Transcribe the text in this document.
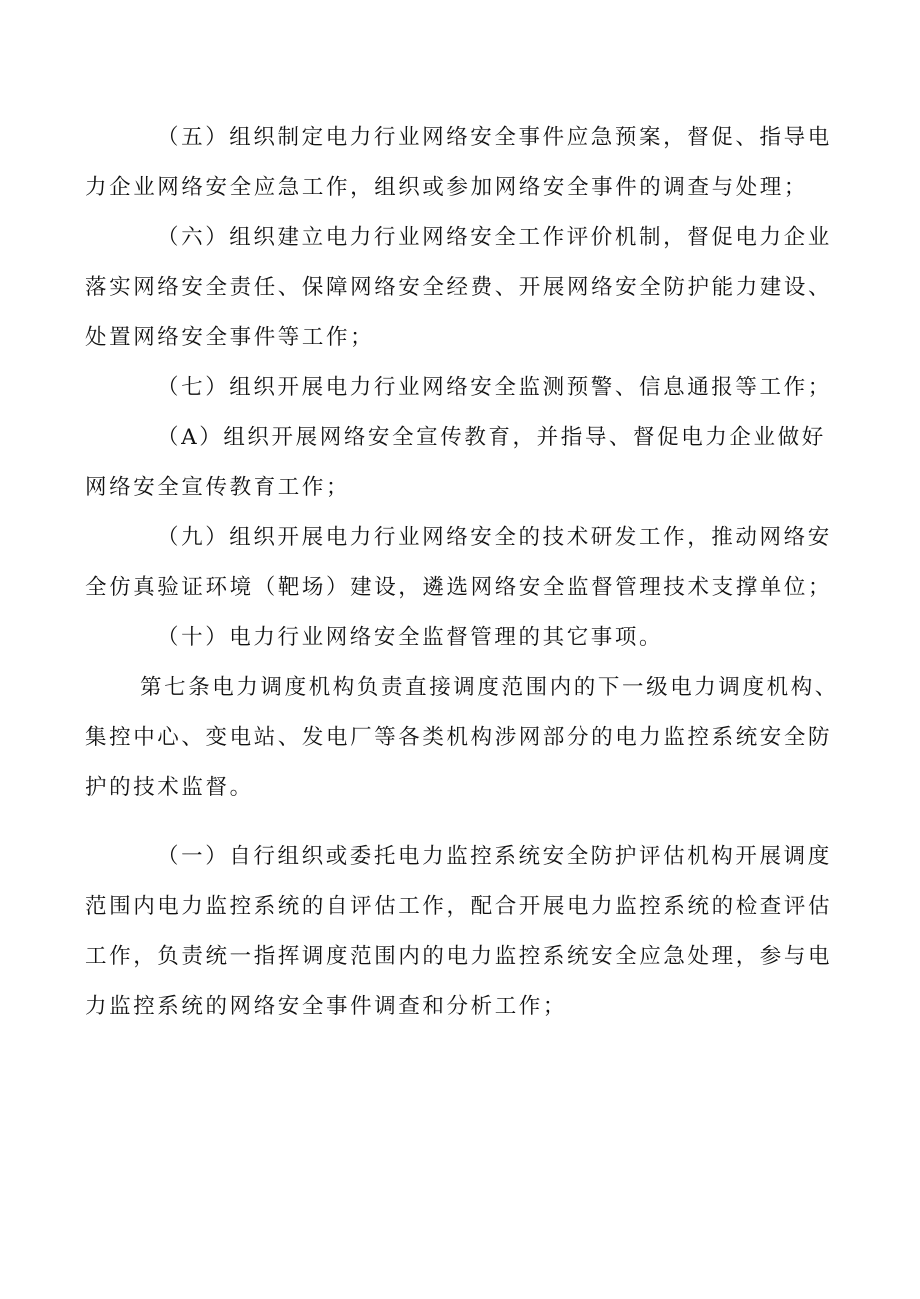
（五）组织制定电力行业网络安全事件应急预案，督促、指导电
力企业网络安全应急工作，组织或参加网络安全事件的调查与处理；
（六）组织建立电力行业网络安全工作评价机制，督促电力企业
落实网络安全责任、保障网络安全经费、开展网络安全防护能力建设、
处置网络安全事件等工作；
（七）组织开展电力行业网络安全监测预警、信息通报等工作；
（A）组织开展网络安全宣传教育，并指导、督促电力企业做好
网络安全宣传教育工作；
（九）组织开展电力行业网络安全的技术研发工作，推动网络安
全仿真验证环境（靶场）建设，遴选网络安全监督管理技术支撑单位；
（十）电力行业网络安全监督管理的其它事项。
第七条电力调度机构负责直接调度范围内的下一级电力调度机构、
集控中心、变电站、发电厂等各类机构涉网部分的电力监控系统安全防
护的技术监督。
（一）自行组织或委托电力监控系统安全防护评估机构开展调度
范围内电力监控系统的自评估工作，配合开展电力监控系统的检查评估
工作，负责统一指挥调度范围内的电力监控系统安全应急处理，参与电
力监控系统的网络安全事件调查和分析工作；
